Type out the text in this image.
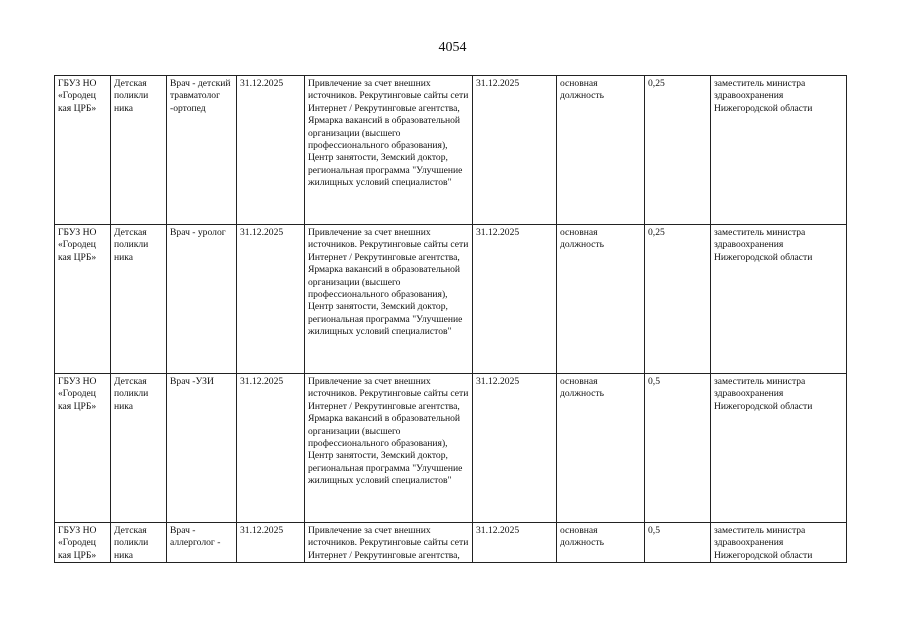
4054
ГБУЗ НО «Городец кая ЦРБ»	Детская поликли ника	Врач - детский травматолог -ортопед	31.12.2025	Привлечение за счет внешних источников. Рекрутинговые сайты сети Интернет / Рекрутинговые агентства, Ярмарка вакансий в образовательной организации (высшего профессионального образования), Центр занятости, Земский доктор, региональная программа "Улучшение жилищных условий специалистов"	31.12.2025	основная должность	0,25	заместитель министра здравоохранения Нижегородской области
ГБУЗ НО «Городец кая ЦРБ»	Детская поликли ника	Врач - уролог	31.12.2025	Привлечение за счет внешних источников. Рекрутинговые сайты сети Интернет / Рекрутинговые агентства, Ярмарка вакансий в образовательной организации (высшего профессионального образования), Центр занятости, Земский доктор, региональная программа "Улучшение жилищных условий специалистов"	31.12.2025	основная должность	0,25	заместитель министра здравоохранения Нижегородской области
ГБУЗ НО «Городец кая ЦРБ»	Детская поликли ника	Врач -УЗИ	31.12.2025	Привлечение за счет внешних источников. Рекрутинговые сайты сети Интернет / Рекрутинговые агентства, Ярмарка вакансий в образовательной организации (высшего профессионального образования), Центр занятости, Земский доктор, региональная программа "Улучшение жилищных условий специалистов"	31.12.2025	основная должность	0,5	заместитель министра здравоохранения Нижегородской области
ГБУЗ НО «Городец кая ЦРБ»	Детская поликли ника	Врач - аллерголог -	31.12.2025	Привлечение за счет внешних источников. Рекрутинговые сайты сети Интернет / Рекрутинговые агентства,	31.12.2025	основная должность	0,5	заместитель министра здравоохранения Нижегородской области
